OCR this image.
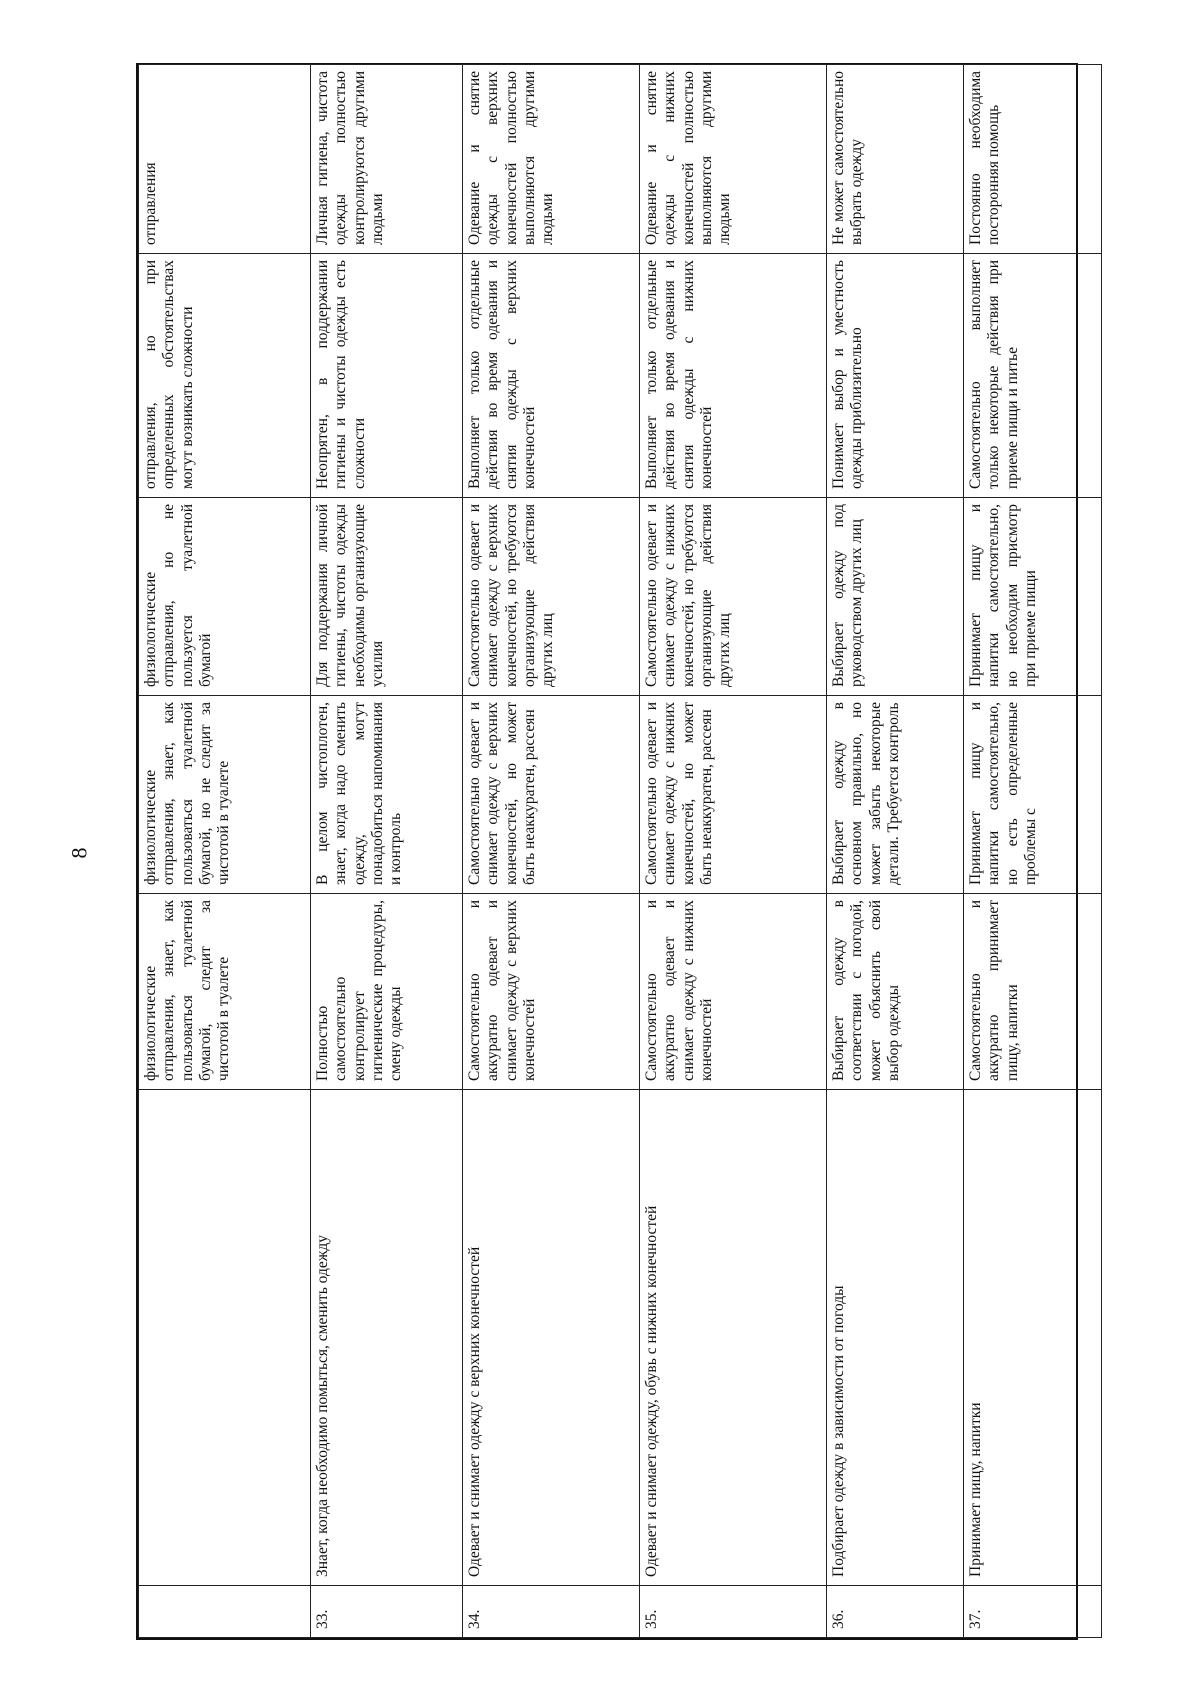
8
		физиологические отправления, знает, как пользоваться туалетной бумагой, следит за чистотой в туалете	физиологические отправления, знает, как пользоваться туалетной бумагой, но не следит за чистотой в туалете	физиологические отправления, но не пользуется туалетной бумагой	отправления, но при определенных обстоятельствах могут возникать сложности	отправления
33.	Знает, когда необходимо помыться, сменить одежду	Полностью самостоятельно контролирует гигиенические процедуры, смену одежды	В целом чистоплотен, знает, когда надо сменить одежду, могут понадобиться напоминания и контроль	Для поддержания личной гигиены, чистоты одежды необходимы организующие усилия	Неопрятен, в поддержании гигиены и чистоты одежды есть сложности	Личная гигиена, чистота одежды полностью контролируются другими людьми
34.	Одевает и снимает одежду с верхних конечностей	Самостоятельно и аккуратно одевает и снимает одежду с верхних конечностей	Самостоятельно одевает и снимает одежду с верхних конечностей, но может быть неаккуратен, рассеян	Самостоятельно одевает и снимает одежду с верхних конечностей, но требуются организующие действия других лиц	Выполняет только отдельные действия во время одевания и снятия одежды с верхних конечностей	Одевание и снятие одежды с верхних конечностей полностью выполняются другими людьми
35.	Одевает и снимает одежду, обувь с нижних конечностей	Самостоятельно и аккуратно одевает и снимает одежду с нижних конечностей	Самостоятельно одевает и снимает одежду с нижних конечностей, но может быть неаккуратен, рассеян	Самостоятельно одевает и снимает одежду с нижних конечностей, но требуются организующие действия других лиц	Выполняет только отдельные действия во время одевания и снятия одежды с нижних конечностей	Одевание и снятие одежды с нижних конечностей полностью выполняются другими людьми
36.	Подбирает одежду в зависимости от погоды	Выбирает одежду в соответствии с погодой, может объяснить свой выбор одежды	Выбирает одежду в основном правильно, но может забыть некоторые детали. Требуется контроль	Выбирает одежду под руководством других лиц	Понимает выбор и уместность одежды приблизительно	Не может самостоятельно выбрать одежду
37.	Принимает пищу, напитки	Самостоятельно и аккуратно принимает пищу, напитки	Принимает пищу и напитки самостоятельно, но есть определенные проблемы с	Принимает пищу и напитки самостоятельно, но необходим присмотр при приеме пищи	Самостоятельно выполняет только некоторые действия при приеме пищи и питье	Постоянно необходима посторонняя помощь
